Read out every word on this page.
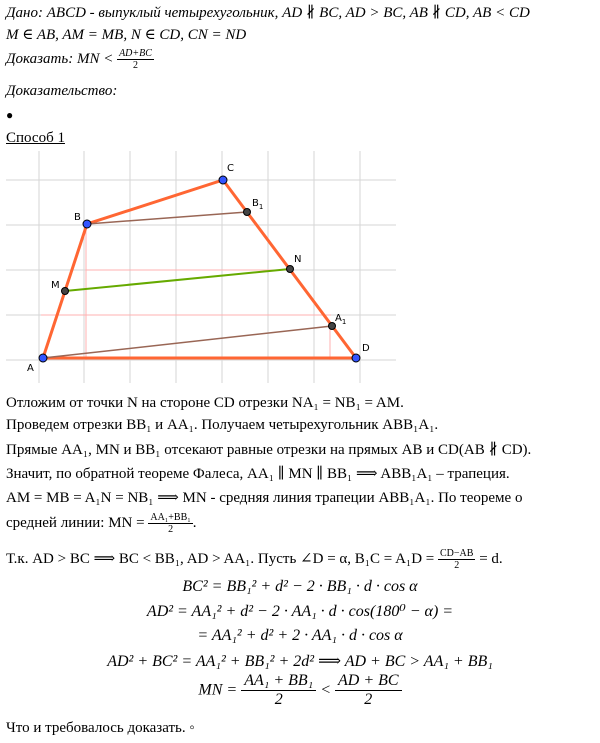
Дано: ABCD - выпуклый четырехугольник, AD ∦ BC, AD > BC, AB ∦ CD, AB < CD
M ∈ AB, AM = MB, N ∈ CD, CN = ND
Доказать: MN < $\frac{AD+BC}{2}$
Доказательство:
●
Способ 1
A
B
C
D
M
N
$A_1$
$B_1$
Отложим от точки N на стороне CD отрезки NA₁ = NB₁ = AM.
Проведем отрезки BB₁ и AA₁. Получаем четырехугольник ABB₁A₁.
Прямые AA₁, MN и BB₁ отсекают равные отрезки на прямых AB и CD(AB ∦ CD).
Значит, по обратной теореме Фалеса, AA₁ ∥ MN ∥ BB₁ ⟹ ABB₁A₁ – трапеция.
AM = MB = A₁N = NB₁ ⟹ MN - средняя линия трапеции ABB₁A₁. По теореме о
средней линии: MN = $\frac{\text{AA₁+BB₁}}{2}$ .
Т.к. AD > BC ⟹ BC < BB₁, AD > AA₁. Пусть ∠D = α, $B_1C = A_1D = \frac{CD-AB}{2} = d$.
BC² = BB₁² + d² − 2 · BB₁ · d · cos α
AD² = AA₁² + d² − 2 · AA₁ · d · cos(180⁰ − α) =
= AA₁² + d² + 2 · AA₁ · d · cos α
AD² + BC² = AA₁² + BB₁² + 2d² ⟹ AD + BC > AA₁ + BB₁
MN = $\frac{\text{AA₁ + BB₁}}{2} < \frac{AD + BC}{2}$
Что и требовалось доказать. ◦
